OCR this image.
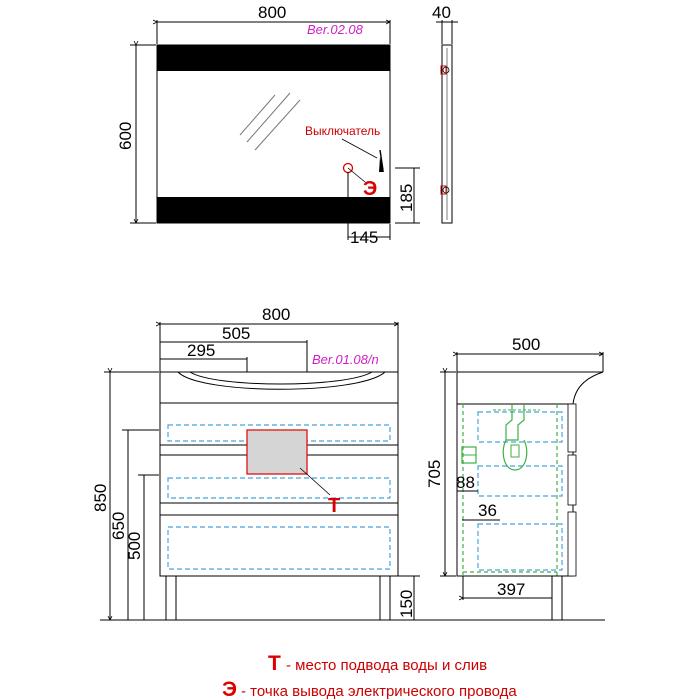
Выключатель
Э
Ber.02.08
800
600
185
145
40
800
505
295	Ber.01.08/n
Т
850
650
500
150
500
705 88
36
397
Т - место подвода воды и слив
Э - точка вывода электрического провода
